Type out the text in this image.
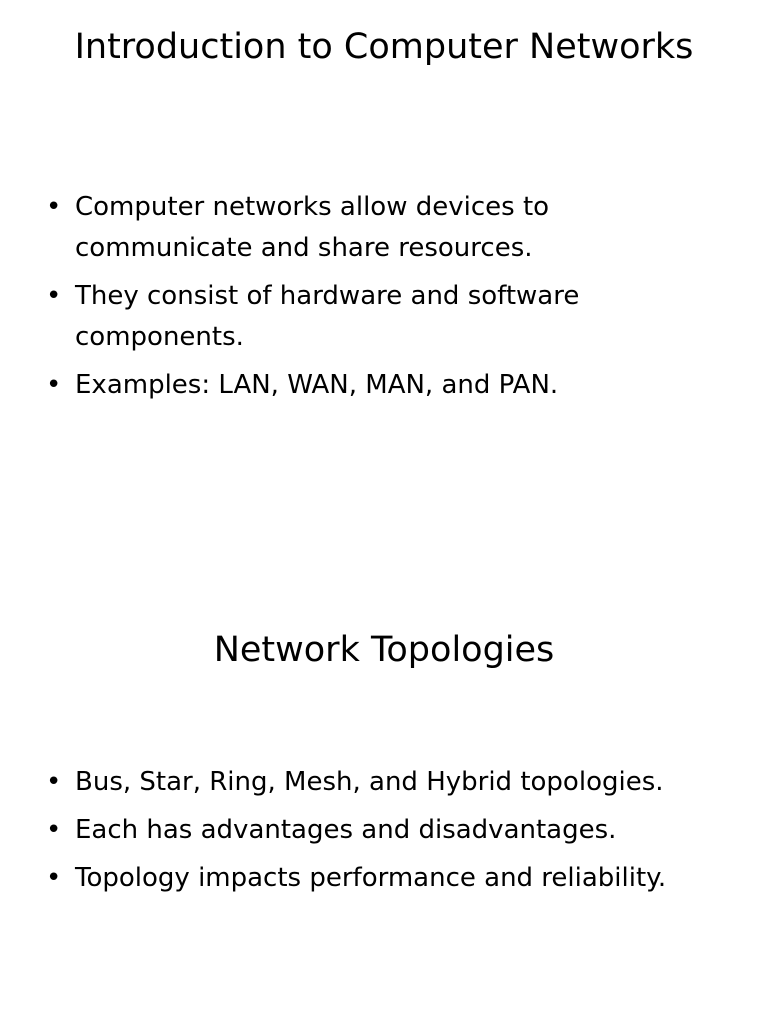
Introduction to Computer Networks
• Computer networks allow devices to communicate and share resources.
• They consist of hardware and software components.
• Examples: LAN, WAN, MAN, and PAN.
Network Topologies
• Bus, Star, Ring, Mesh, and Hybrid topologies.
• Each has advantages and disadvantages.
• Topology impacts performance and reliability.
